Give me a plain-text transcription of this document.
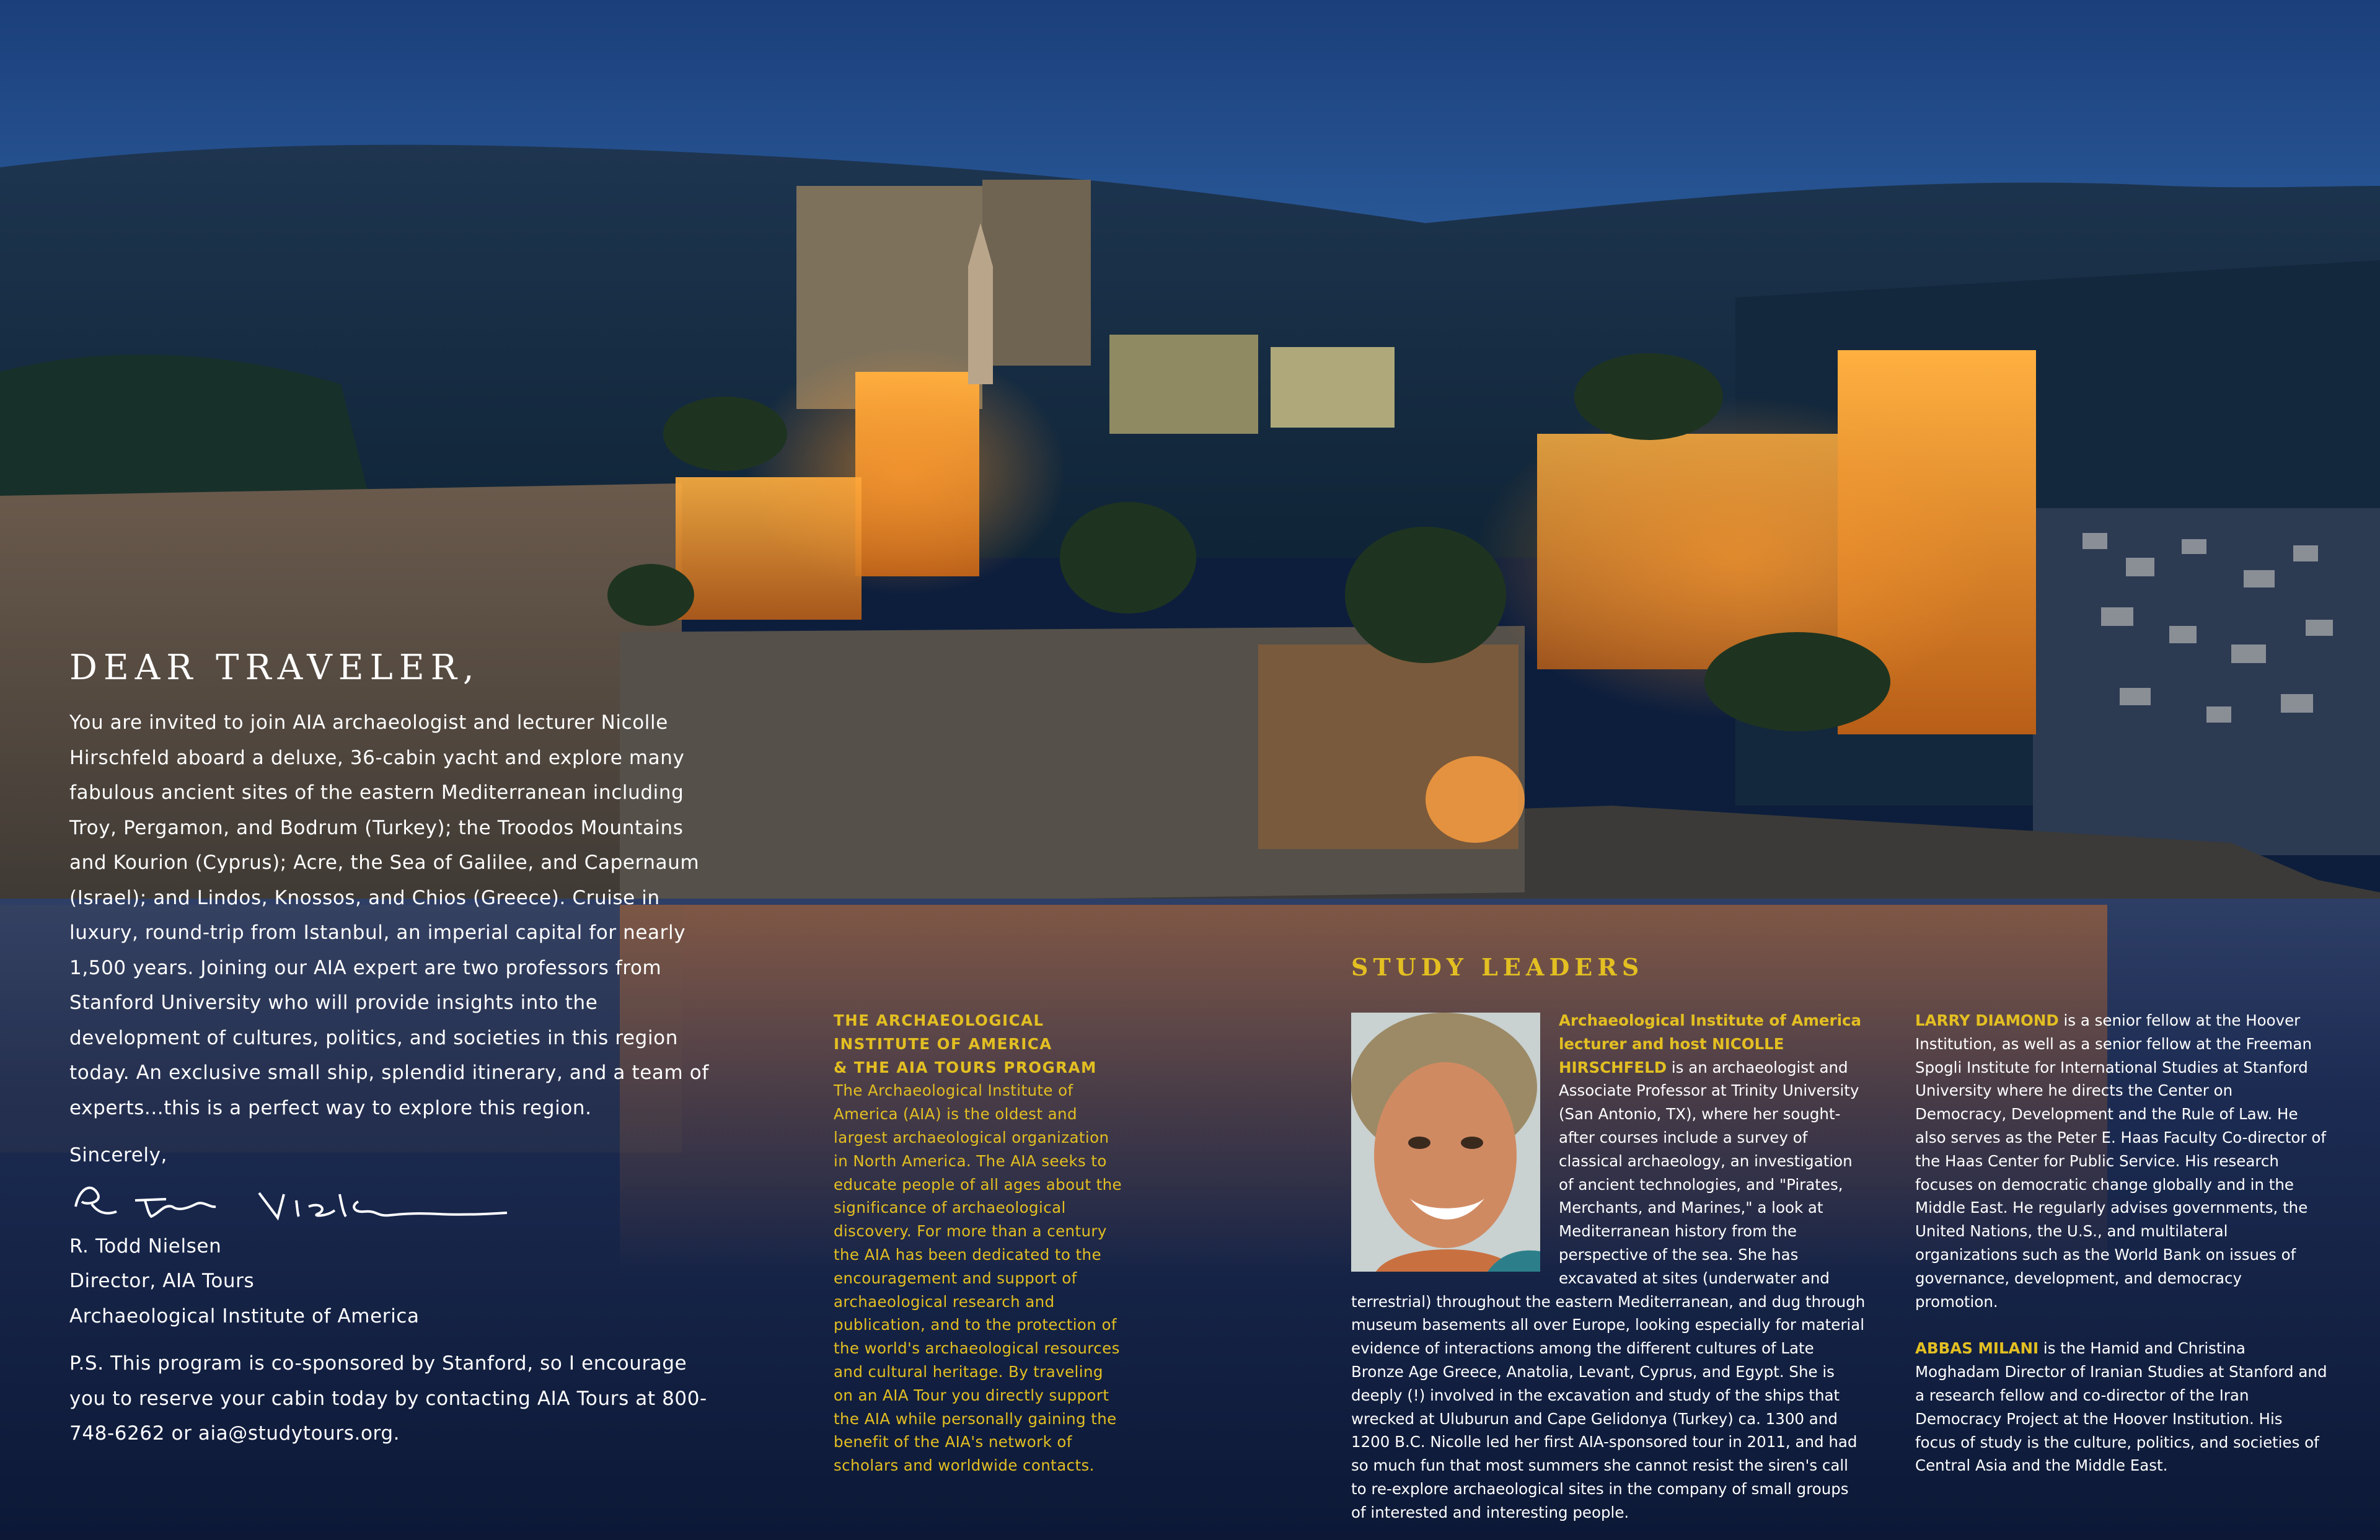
DEAR TRAVELER,

You are invited to join AIA archaeologist and lecturer Nicolle Hirschfeld aboard a deluxe, 36-cabin yacht and explore many fabulous ancient sites of the eastern Mediterranean including Troy, Pergamon, and Bodrum (Turkey); the Troodos Mountains and Kourion (Cyprus); Acre, the Sea of Galilee, and Capernaum (Israel); and Lindos, Knossos, and Chios (Greece). Cruise in luxury, round-trip from Istanbul, an imperial capital for nearly 1,500 years. Joining our AIA expert are two professors from Stanford University who will provide insights into the development of cultures, politics, and societies in this region today. An exclusive small ship, splendid itinerary, and a team of experts...this is a perfect way to explore this region.

Sincerely,

R. Todd Nielsen

Director, AIA Tours

Archaeological Institute of America

P.S. This program is co-sponsored by Stanford, so I encourage you to reserve your cabin today by contacting AIA Tours at 800-748-6262 or aia@studytours.org.

THE ARCHAEOLOGICAL
INSTITUTE OF AMERICA
& THE AIA TOURS PROGRAM
The Archaeological Institute of America (AIA) is the oldest and largest archaeological organization in North America. The AIA seeks to educate people of all ages about the significance of archaeological discovery. For more than a century the AIA has been dedicated to the encouragement and support of archaeological research and publication, and to the protection of the world's archaeological resources and cultural heritage. By traveling on an AIA Tour you directly support the AIA while personally gaining the benefit of the AIA's network of scholars and worldwide contacts.
STUDY LEADERS
Archaeological Institute of America lecturer and host NICOLLE HIRSCHFELD is an archaeologist and Associate Professor at Trinity University (San Antonio, TX), where her sought-after courses include a survey of classical archaeology, an investigation of ancient technologies, and "Pirates, Merchants, and Marines," a look at Mediterranean history from the perspective of the sea. She has excavated at sites (underwater and terrestrial) throughout the eastern Mediterranean, and dug through museum basements all over Europe, looking especially for material evidence of interactions among the different cultures of Late Bronze Age Greece, Anatolia, Levant, Cyprus, and Egypt. She is deeply (!) involved in the excavation and study of the ships that wrecked at Uluburun and Cape Gelidonya (Turkey) ca. 1300 and 1200 B.C. Nicolle led her first AIA-sponsored tour in 2011, and had so much fun that most summers she cannot resist the siren's call to re-explore archaeological sites in the company of small groups of interested and interesting people.

LARRY DIAMOND is a senior fellow at the Hoover Institution, as well as a senior fellow at the Freeman Spogli Institute for International Studies at Stanford University where he directs the Center on Democracy, Development and the Rule of Law. He also serves as the Peter E. Haas Faculty Co-director of the Haas Center for Public Service. His research focuses on democratic change globally and in the Middle East. He regularly advises governments, the United Nations, the U.S., and multilateral organizations such as the World Bank on issues of governance, development, and democracy promotion.

ABBAS MILANI is the Hamid and Christina Moghadam Director of Iranian Studies at Stanford and a research fellow and co-director of the Iran Democracy Project at the Hoover Institution. His focus of study is the culture, politics, and societies of Central Asia and the Middle East.
